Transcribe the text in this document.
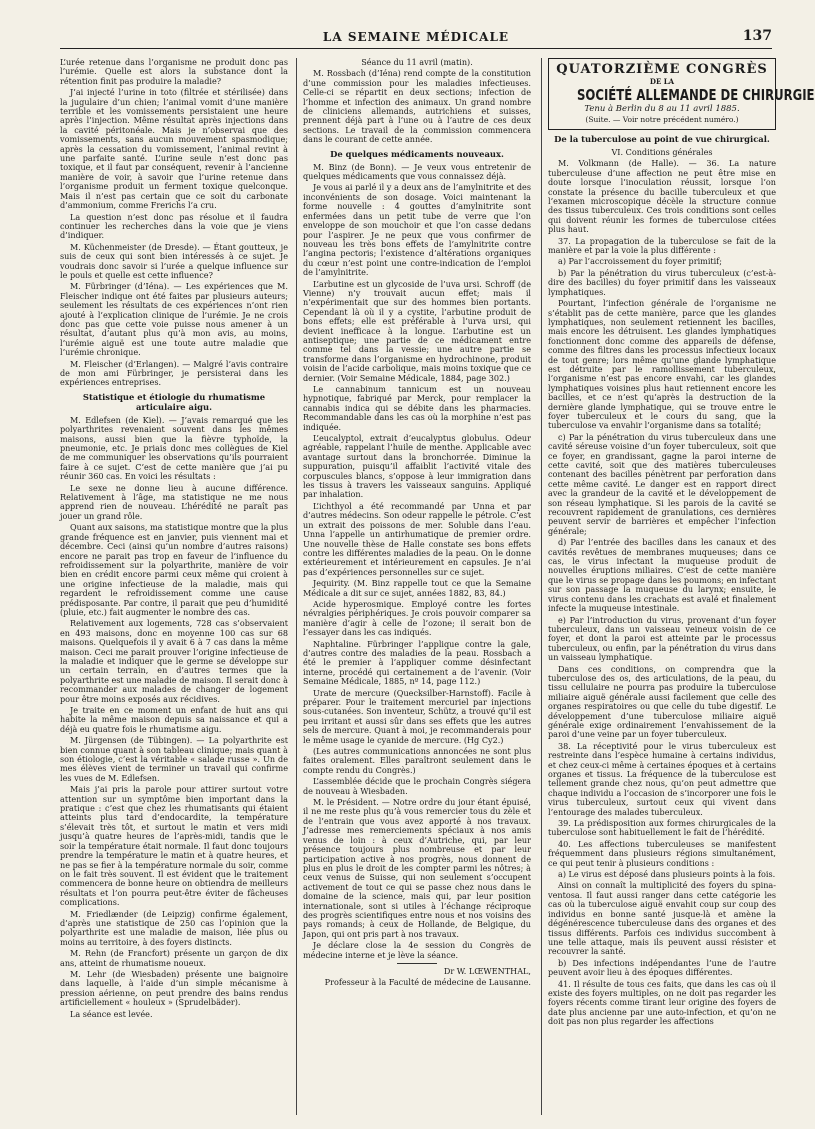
LA SEMAINE MÉDICALE	137

L’urée retenue dans l’organisme ne produit donc pas l’urémie. Quelle est alors la substance dont la rétention finit pas produire la maladie?

J’ai injecté l’urine in toto (filtrée et stérilisée) dans la jugulaire d’un chien; l’animal vomit d’une manière terrible et les vomissements persistaient une heure après l’injection. Même résultat après injections dans la cavité péritonéale. Mais je n’observai que des vomissements, sans aucun mouvement spasmodique; après la cessation du vomissement, l’animal revint à une parfaite santé. L’urine seule n’est donc pas toxique, et il faut par conséquent, revenir à l’ancienne manière de voir, à savoir que l’urine retenue dans l’organisme produit un ferment toxique quelconque. Mais il n’est pas certain que ce soit du carbonate d’ammonium, comme Frerichs l’a cru.

La question n’est donc pas résolue et il faudra continuer les recherches dans la voie que je viens d’indiquer.

M. Küchenmeister (de Dresde). — Étant goutteux, je suis de ceux qui sont bien intéressés à ce sujet. Je voudrais donc savoir si l’urée a quelque influence sur le pouls et quelle est cette influence?

M. Fürbringer (d’Iéna). — Les expériences que M. Fleischer indique ont été faites par plusieurs auteurs; seulement les résultats de ces expériences n’ont rien ajouté à l’explication clinique de l’urémie. Je ne crois donc pas que cette voie puisse nous amener à un résultat, d’autant plus qu’à mon avis, au moins, l’urémie aiguë est une toute autre maladie que l’urémie chronique.

M. Fleischer (d’Erlangen). — Malgré l’avis contraire de mon ami Fürbringer, je persisterai dans les expériences entreprises.

Statistique et étiologie du rhumatisme articulaire aigu.

M. Edlefsen (de Kiel). — J’avais remarqué que les polyarthrites revenaient souvent dans les mêmes maisons, aussi bien que la fièvre typhoïde, la pneumonie, etc. Je priais donc mes collègues de Kiel de me communiquer les observations qu’ils pourraient faire à ce sujet. C’est de cette manière que j’ai pu réunir 360 cas. En voici les résultats :

Le sexe ne donne lieu à aucune différence. Relativement à l’âge, ma statistique ne me nous apprend rien de nouveau. L’hérédité ne paraît pas jouer un grand rôle.

Quant aux saisons, ma statistique montre que la plus grande fréquence est en janvier, puis viennent mai et décembre. Ceci (ainsi qu’un nombre d’autres raisons) encore ne parait pas trop en faveur de l’influence du refroidissement sur la polyarthrite, manière de voir bien en crédit encore parmi ceux même qui croient à une origine infectieuse de la maladie, mais qui regardent le refroidissement comme une cause prédisposante. Par contre, il parait que peu d’humidité (pluie, etc.) fait augmenter le nombre des cas.

Relativement aux logements, 728 cas s’observaient en 493 maisons, donc en moyenne 100 cas sur 68 maisons. Quelquefois il y avait 6 à 7 cas dans la même maison. Ceci me parait prouver l’origine infectieuse de la maladie et indiquer que le germe se développe sur un certain terrain, en d’autres termes que la polyarthrite est une maladie de maison. Il serait donc à recommander aux malades de changer de logement pour être moins exposés aux récidives.

Je traite en ce moment un enfant de huit ans qui habite la même maison depuis sa naissance et qui a déjà eu quatre fois le rhumatisme aigu.

M. Jürgensen (de Tübingen). — La polyarthrite est bien connue quant à son tableau clinique; mais quant à son étiologie, c’est la véritable « salade russe ». Un de mes élèves vient de terminer un travail qui confirme les vues de M. Edlefsen.

Mais j’ai pris la parole pour attirer surtout votre attention sur un symptôme bien important dans la pratique : c’est que chez les rhumatisants qui étaient atteints plus tard d’endocardite, la température s’élevait très tôt, et surtout le matin et vers midi jusqu’à quatre heures de l’après-midi, tandis que le soir la température était normale. Il faut donc toujours prendre la température le matin et à quatre heures, et ne pas se fier à la température normale du soir, comme on le fait très souvent. Il est évident que le traitement commencera de bonne heure on obtiendra de meilleurs résultats et l’on pourra peut-être éviter de fâcheuses complications.

M. Friedlænder (de Leipzig) confirme également, d’après une statistique de 250 cas l’opinion que la polyarthrite est une maladie de maison, liée plus ou moins au territoire, à des foyers distincts.

M. Rehn (de Francfort) présente un garçon de dix ans, atteint de rhumatisme noueux.

M. Lehr (de Wiesbaden) présente une baignoire dans laquelle, à l’aide d’un simple mécanisme à pression aérienne, on peut prendre des bains rendus artificiellement « houleux » (Sprudelbäder).

La séance est levée.

Séance du 11 avril (matin).

M. Rossbach (d’Iéna) rend compte de la constitution d’une commission pour les maladies infectieuses. Celle-ci se répartit en deux sections; infection de l’homme et infection des animaux. Un grand nombre de cliniciens allemands, autrichiens et suisses, prennent déjà part à l’une ou à l’autre de ces deux sections. Le travail de la commission commencera dans le courant de cette année.

De quelques médicaments nouveaux.

M. Binz (de Bonn). — Je veux vous entretenir de quelques médicaments que vous connaissez déjà.

Je vous ai parlé il y a deux ans de l’amylnitrite et des inconvénients de son dosage. Voici maintenant la forme nouvelle : 4 gouttes d’amylnitrite sont enfermées dans un petit tube de verre que l’on enveloppe de son mouchoir et que l’on casse dedans pour l’aspirer. Je ne peux que vous confirmer de nouveau les très bons effets de l’amylnitrite contre l’angina pectoris; l’existence d’altérations organiques du cœur n’est point une contre-indication de l’emploi de l’amylnitrite.

L’arbutine est un glycoside de l’uva ursi. Schroff (de Vienne) n’y trouvait aucun effet; mais il n’expérimentait que sur des hommes bien portants. Cependant là où il y a cystite, l’arbutine produit de bons effets; elle est préférable à l’urva ursi, qui devient inefficace à la longue. L’arbutine est un antiseptique; une partie de ce médicament entre comme tel dans la vessie; une autre partie se transforme dans l’organisme en hydrochinone, produit voisin de l’acide carbolique, mais moins toxique que ce dernier. (Voir Semaine Médicale, 1884, page 302.)

Le cannabinum tannicum est un nouveau hypnotique, fabriqué par Merck, pour remplacer la cannabis indica qui se débite dans les pharmacies. Recommandable dans les cas où la morphine n’est pas indiquée.

L’eucalyptol, extrait d’eucalyptus globulus. Odeur agréable, rappelant l’huile de menthe. Applicable avec avantage surtout dans la bronchorrée. Diminue la suppuration, puisqu’il affaiblit l’activité vitale des corpuscules blancs, s’oppose à leur immigration dans les tissus à travers les vaisseaux sanguins. Appliqué par inhalation.

L’ichthyol a été recommandé par Unna et par d’autres médecins. Son odeur rappelle le pétrole. C’est un extrait des poissons de mer. Soluble dans l’eau. Unna l’appelle un antirhumatique de premier ordre. Une nouvelle thèse de Halle constate ses bons effets contre les différentes maladies de la peau. On le donne extérieurement et intérieurement en capsules. Je n’ai pas d’expériences personnelles sur ce sujet.

Jequirity. (M. Binz rappelle tout ce que la Semaine Médicale a dit sur ce sujet, années 1882, 83, 84.)

Acide hyperosmique. Employé contre les fortes névralgies périphériques. Je crois pouvoir comparer sa manière d’agir à celle de l’ozone; il serait bon de l’essayer dans les cas indiqués.

Naphtaline. Fürbringer l’applique contre la gale, d’autres contre des maladies de la peau. Rossbach a été le premier à l’appliquer comme désinfectant interne, procédé qui certainement a de l’avenir. (Voir Semaine Médicale, 1885, nº 14, page 112.)

Urate de mercure (Quecksilber-Harnstoff). Facile à préparer. Pour le traitement mercuriel par injections sous-cutanées. Son inventeur, Schütz, a trouvé qu’il est peu irritant et aussi sûr dans ses effets que les autres sels de mercure. Quant à moi, je recommanderais pour le même usage le cyanide de mercure. (Hg Cy2.)

(Les autres communications annoncées ne sont plus faites oralement. Elles paraîtront seulement dans le compte rendu du Congrès.)

L’assemblée décide que le prochain Congrès siégera de nouveau à Wiesbaden.

M. le Président. — Notre ordre du jour étant épuisé, il ne me reste plus qu’à vous remercier tous du zèle et de l’entrain que vous avez apporté à nos travaux. J’adresse mes remerciements spéciaux à nos amis venus de loin : à ceux d’Autriche, qui, par leur présence toujours plus nombreuse et par leur participation active à nos progrès, nous donnent de plus en plus le droit de les compter parmi les nôtres; à ceux venus de Suisse, qui non seulement s’occupent activement de tout ce qui se passe chez nous dans le domaine de la science, mais qui, par leur position internationale, sont si utiles à l’échange réciproque des progrès scientifiques entre nous et nos voisins des pays romands; à ceux de Hollande, de Belgique, du Japon, qui ont pris part à nos travaux.

Je déclare close la 4e session du Congrès de médecine interne et je lève la séance.

Dr W. LŒWENTHAL,

Professeur à la Faculté de médecine de Lausanne.

QUATORZIÈME CONGRÈS
DE LA
SOCIÉTÉ ALLEMANDE DE CHIRURGIE
Tenu à Berlin du 8 au 11 avril 1885.
(Suite. — Voir notre précédent numéro.)
De la tuberculose au point de vue chirurgical.

VI. Conditions générales

M. Volkmann (de Halle). — 36. La nature tuberculeuse d’une affection ne peut être mise en doute lorsque l’inoculation réussit, lorsque l’on constate la présence du bacille tuberculeux et que l’examen microscopique décèle la structure connue des tissus tuberculeux. Ces trois conditions sont celles qui doivent réunir les formes de tuberculose citées plus haut.

37. La propagation de la tuberculose se fait de la manière et par la voie la plus différente :

a) Par l’accroissement du foyer primitif;

b) Par la pénétration du virus tuberculeux (c’est-à-dire des bacilles) du foyer primitif dans les vaisseaux lymphatiques.

Pourtant, l’infection générale de l’organisme ne s’établit pas de cette manière, parce que les glandes lymphatiques, non seulement retiennent les bacilles, mais encore les détruisent. Les glandes lymphatiques fonctionnent donc comme des appareils de défense, comme des filtres dans les processus infectieux locaux de tout genre; lors même qu’une glande lymphatique est détruite par le ramollissement tuberculeux, l’organisme n’est pas encore envahi, car les glandes lymphatiques voisines plus haut retiennent encore les bacilles, et ce n’est qu’après la destruction de la dernière glande lymphatique, qui se trouve entre le foyer tuberculeux et le cours du sang, que la tuberculose va envahir l’organisme dans sa totalité;

c) Par la pénétration du virus tuberculeux dans une cavité séreuse voisine d’un foyer tuberculeux, soit que ce foyer, en grandissant, gagne la paroi interne de cette cavité, soit que des matières tuberculeuses contenant des bacilles pénètrent par perforation dans cette même cavité. Le danger est en rapport direct avec la grandeur de la cavité et le développement de son réseau lymphatique. Si les parois de la cavité se recouvrent rapidement de granulations, ces dernières peuvent servir de barrières et empêcher l’infection générale;

d) Par l’entrée des bacilles dans les canaux et des cavités revêtues de membranes muqueuses; dans ce cas, le virus infectant la muqueuse produit de nouvelles éruptions miliaires. C’est de cette manière que le virus se propage dans les poumons; en infectant sur son passage la muqueuse du larynx; ensuite, le virus contenu dans les crachats est avalé et finalement infecte la muqueuse intestinale.

e) Par l’introduction du virus, provenant d’un foyer tuberculeux, dans un vaisseau veineux voisin de ce foyer, et dont la paroi est atteinte par le processus tuberculeux, ou enfin, par la pénétration du virus dans un vaisseau lymphatique.

Dans ces conditions, on comprendra que la tuberculose des os, des articulations, de la peau, du tissu cellulaire ne pourra pas produire la tuberculose miliaire aiguë générale aussi facilement que celle des organes respiratoires ou que celle du tube digestif. Le développement d’une tuberculose miliaire aiguë générale exige ordinairement l’envahissement de la paroi d’une veine par un foyer tuberculeux.

38. La réceptivité pour le virus tuberculeux est restreinte dans l’espèce humaine à certains individus, et chez ceux-ci même à certaines époques et à certains organes et tissus. La fréquence de la tuberculose est tellement grande chez nous, qu’on peut admettre que chaque individu a l’occasion de s’incorporer une fois le virus tuberculeux, surtout ceux qui vivent dans l’entourage des malades tuberculeux.

39. La prédisposition aux formes chirurgicales de la tuberculose sont habituellement le fait de l’hérédité.

40. Les affections tuberculeuses se manifestent fréquemment dans plusieurs régions simultanément, ce qui peut tenir à plusieurs conditions :

a) Le virus est déposé dans plusieurs points à la fois.

Ainsi on connaît la multiplicité des foyers du spina-ventosa. Il faut aussi ranger dans cette catégorie les cas où la tuberculose aiguë envahit coup sur coup des individus en bonne santé jusque-là et amène la dégénérescence tuberculeuse dans des organes et des tissus différents. Parfois ces individus succombent à une telle attaque, mais ils peuvent aussi résister et recouvrer la santé.

b) Des infections indépendantes l’une de l’autre peuvent avoir lieu à des époques différentes.

41. Il résulte de tous ces faits, que dans les cas où il existe des foyers multiples, on ne doit pas regarder les foyers récents comme tirant leur origine des foyers de date plus ancienne par une auto-infection, et qu’on ne doit pas non plus regarder les affections
